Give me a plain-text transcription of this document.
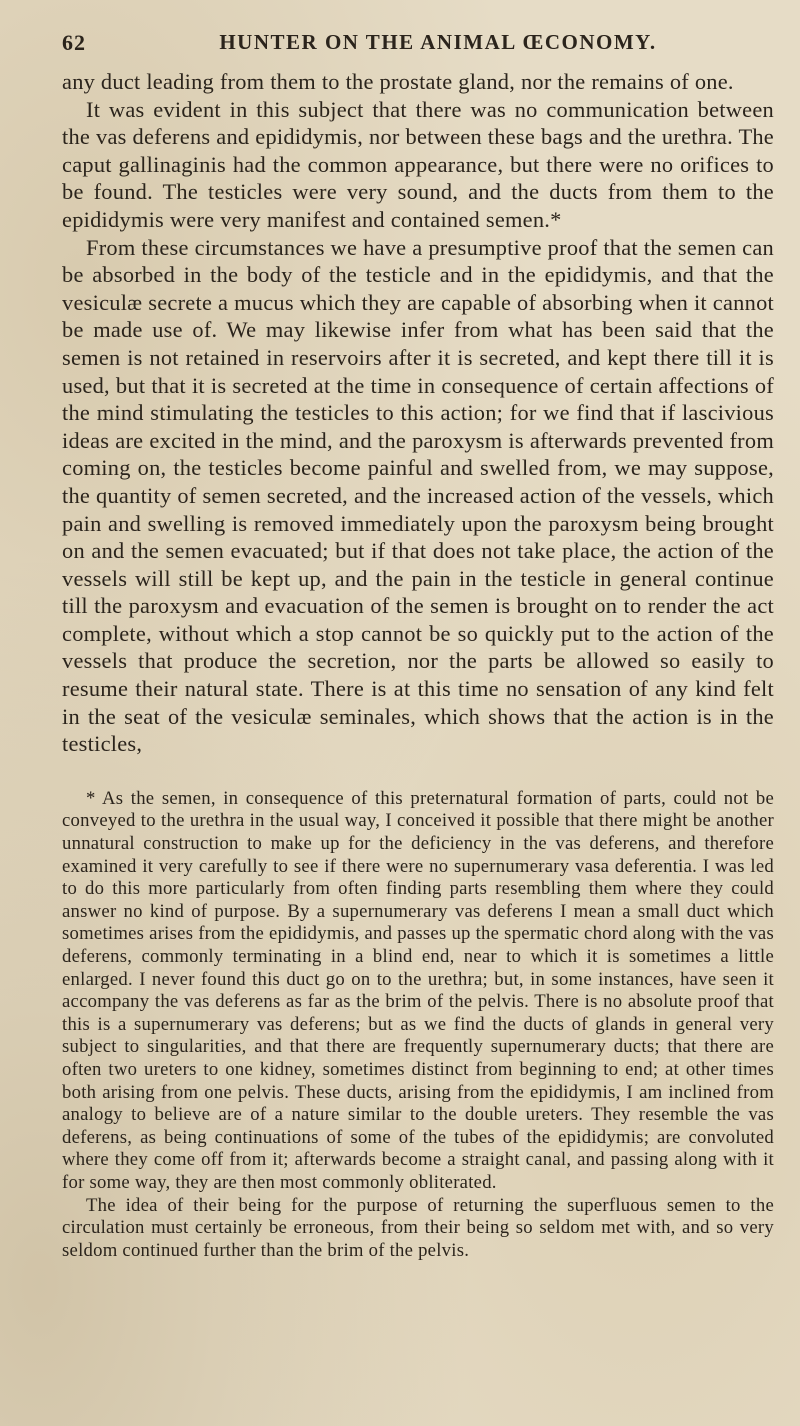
62	HUNTER ON THE ANIMAL ŒCONOMY.

any duct leading from them to the prostate gland, nor the remains of one.

It was evident in this subject that there was no communication between the vas deferens and epididymis, nor between these bags and the urethra. The caput gallinaginis had the common appearance, but there were no orifices to be found. The testicles were very sound, and the ducts from them to the epididymis were very manifest and contained semen.*

From these circumstances we have a presumptive proof that the semen can be absorbed in the body of the testicle and in the epididymis, and that the vesiculæ secrete a mucus which they are capable of absorbing when it cannot be made use of. We may likewise infer from what has been said that the semen is not retained in reservoirs after it is secreted, and kept there till it is used, but that it is secreted at the time in consequence of certain affections of the mind stimulating the testicles to this action; for we find that if lascivious ideas are excited in the mind, and the paroxysm is afterwards prevented from coming on, the testicles become painful and swelled from, we may suppose, the quantity of semen secreted, and the increased action of the vessels, which pain and swelling is removed immediately upon the paroxysm being brought on and the semen evacuated; but if that does not take place, the action of the vessels will still be kept up, and the pain in the testicle in general continue till the paroxysm and evacuation of the semen is brought on to render the act complete, without which a stop cannot be so quickly put to the action of the vessels that produce the secretion, nor the parts be allowed so easily to resume their natural state. There is at this time no sensation of any kind felt in the seat of the vesiculæ seminales, which shows that the action is in the testicles,

* As the semen, in consequence of this preternatural formation of parts, could not be conveyed to the urethra in the usual way, I conceived it possible that there might be another unnatural construction to make up for the deficiency in the vas deferens, and therefore examined it very carefully to see if there were no supernumerary vasa deferentia. I was led to do this more particularly from often finding parts resembling them where they could answer no kind of purpose. By a supernumerary vas deferens I mean a small duct which sometimes arises from the epididymis, and passes up the spermatic chord along with the vas deferens, commonly terminating in a blind end, near to which it is sometimes a little enlarged. I never found this duct go on to the urethra; but, in some instances, have seen it accompany the vas deferens as far as the brim of the pelvis. There is no absolute proof that this is a supernumerary vas deferens; but as we find the ducts of glands in general very subject to singularities, and that there are frequently supernumerary ducts; that there are often two ureters to one kidney, sometimes distinct from beginning to end; at other times both arising from one pelvis. These ducts, arising from the epididymis, I am inclined from analogy to believe are of a nature similar to the double ureters. They resemble the vas deferens, as being continuations of some of the tubes of the epididymis; are convoluted where they come off from it; afterwards become a straight canal, and passing along with it for some way, they are then most commonly obliterated.

The idea of their being for the purpose of returning the superfluous semen to the circulation must certainly be erroneous, from their being so seldom met with, and so very seldom continued further than the brim of the pelvis.
